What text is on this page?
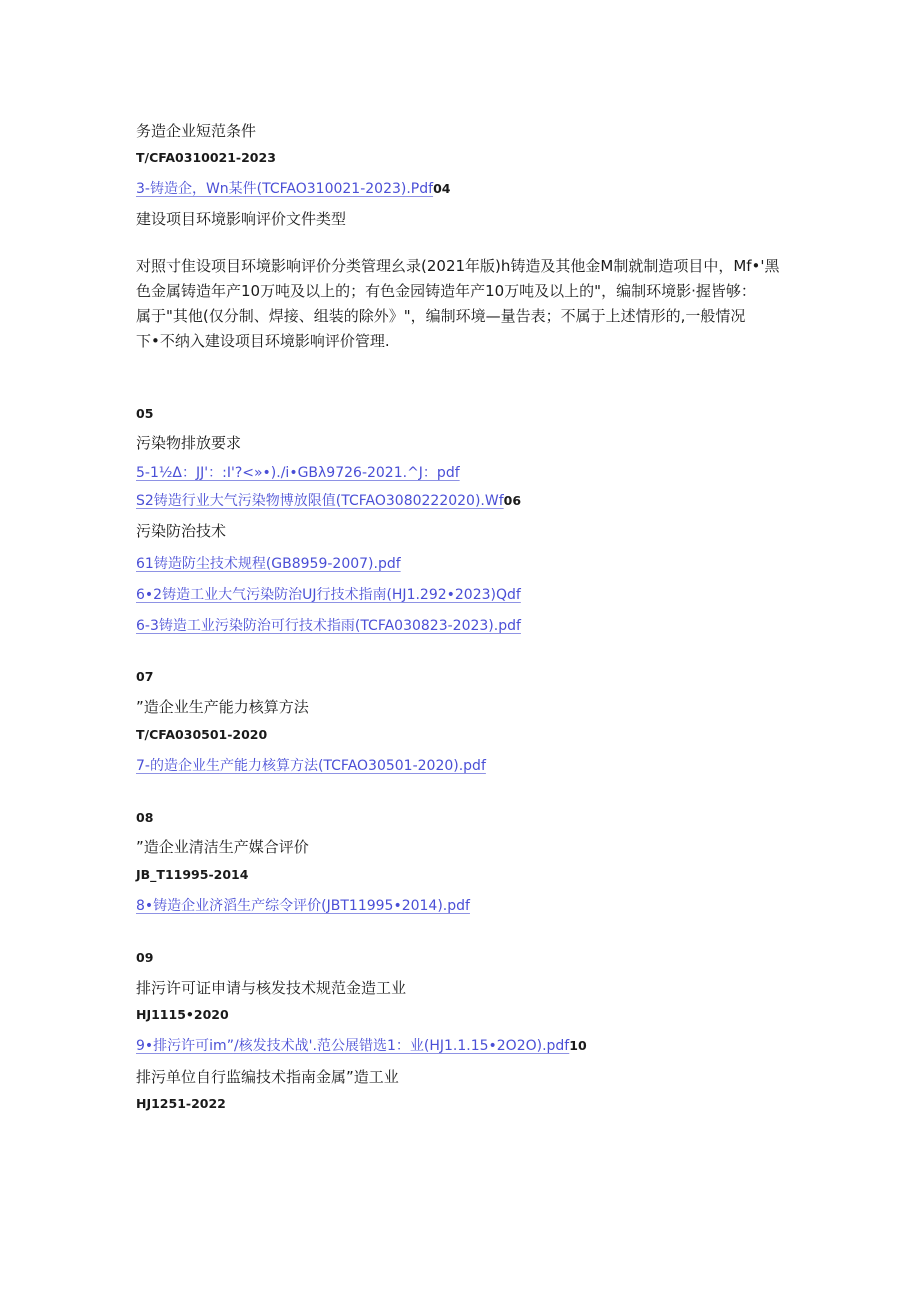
务造企业短范条件
T/CFA0310021-2023
3-铸造企，Wn某件(TCFAO310021-2023).Pdf04
建设项目环境影响评价文件类型
对照寸隹设项目环境影响评价分类管理幺录(2021年版)h铸造及其他金M制就制造项目中，Mf•'黑
色金属铸造年产10万吨及以上的；有色金园铸造年产10万吨及以上的"，编制环境影·握皆够：
属于"其他(仅分制、焊接、组装的除外》"，编制环境—量告表；不属于上述情形的,一般情况
下•不纳入建设项目环境影响评价管理.
05
污染物排放要求
5-1½Δ：JJ'：:I'?<»•)./i•GBλ9726-2021.^J：pdf
S2铸造行业大气污染物博放限值(TCFAO3080222020).Wf06
污染防治技术
61铸造防尘技术规程(GB8959-2007).pdf
6•2铸造工业大气污染防治UJ行技术指南(HJ1.292•2023)Qdf
6-3铸造工业污染防治可行技术指雨(TCFA030823-2023).pdf
07
”造企业生产能力核算方法
T/CFA030501-2020
7-的造企业生产能力核算方法(TCFAO30501-2020).pdf
08
”造企业清洁生产媒合评价
JB_T11995-2014
8•铸造企业济滔生产综令评价(JBT11995•2014).pdf
09
排污许可证申请与核发技术规范金造工业
HJ1115•2020
9•排污许可im”/核发技术战'.范公展错选1：业(HJ1.1.15•2O2O).pdf10
排污单位自行监编技术指南金属”造工业
HJ1251-2022
